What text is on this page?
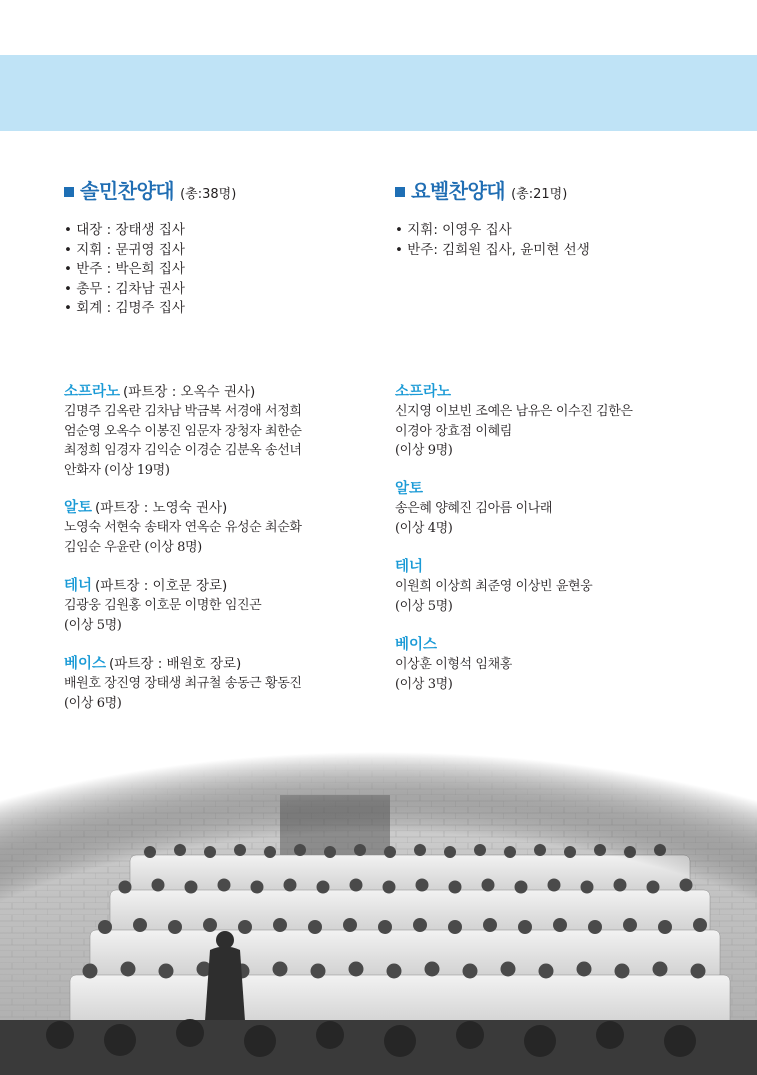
솔민찬양대 (총:38명)
• 대장 : 장태생 집사
• 지휘 : 문귀영 집사
• 반주 : 박은희 집사
• 총무 : 김차남 권사
• 회계 : 김명주 집사
소프라노 (파트장 : 오옥수 권사)
김명주 김옥란 김차남 박금복 서경애 서정희
엄순영 오옥수 이봉진 임문자 장청자 최한순
최정희 임경자 김익순 이경순 김분옥 송선녀
안화자 (이상 19명)
알토 (파트장 : 노영숙 권사)
노영숙 서현숙 송태자 연옥순 유성순 최순화
김임순 우윤란 (이상 8명)
테너 (파트장 : 이호문 장로)
김광웅 김원홍 이호문 이명한 임진곤
(이상 5명)
베이스 (파트장 : 배원호 장로)
배원호 장진영 장태생 최규철 송동근 황동진
(이상 6명)
요벨찬양대 (총:21명)
• 지휘: 이영우 집사
• 반주: 김희원 집사, 윤미현 선생
소프라노
신지영 이보빈 조예은 남유은 이수진 김한은
이경아 장효점 이혜림
(이상 9명)
알토
송은혜 양혜진 김아름 이나래
(이상 4명)
테너
이원희 이상희 최준영 이상빈 윤현웅
(이상 5명)
베이스
이상훈 이형석 임채홍
(이상 3명)
